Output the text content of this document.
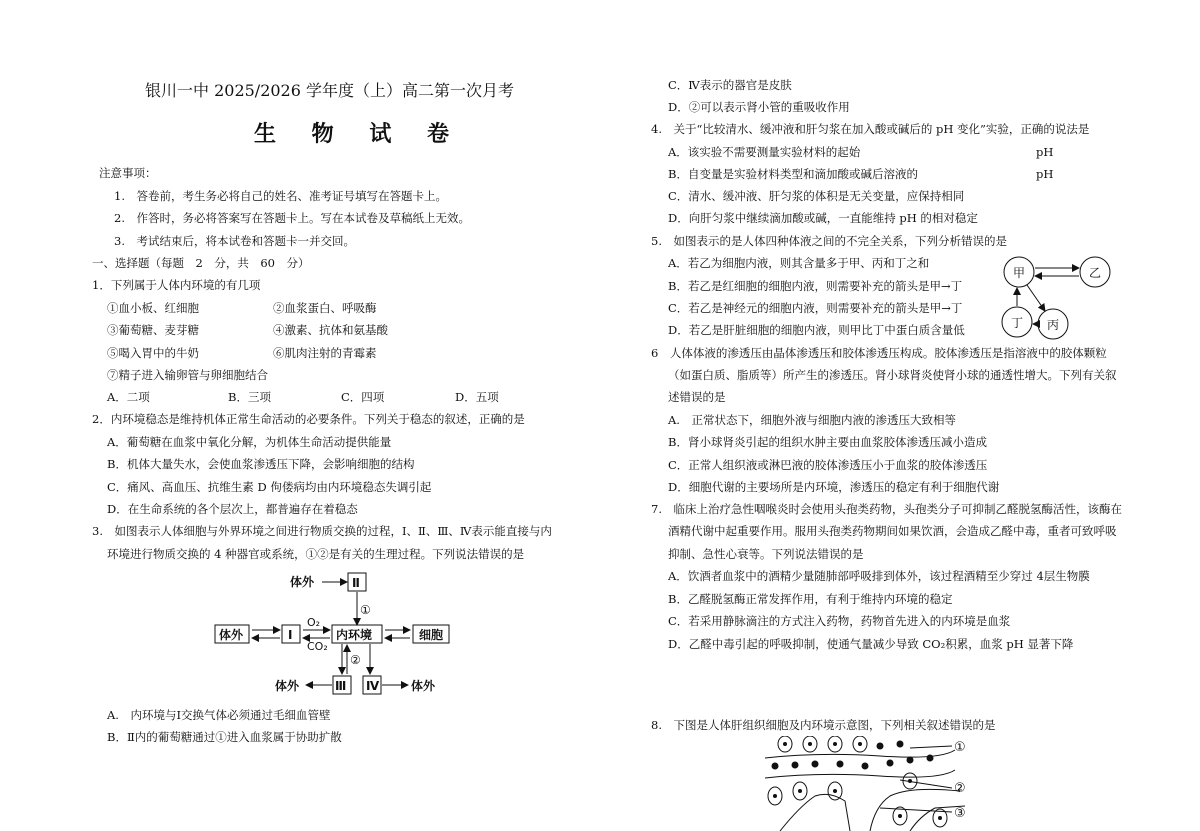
银川一中 2025/2026 学年度（上）高二第一次月考
生 物 试 卷
注意事项：
1.　答卷前，考生务必将自己的姓名、准考证号填写在答题卡上。
2.　作答时，务必将答案写在答题卡上。写在本试卷及草稿纸上无效。
3.　考试结束后，将本试卷和答题卡一并交回。
一、选择题（每题　2　分，共　60　分）
1．下列属于人体内环境的有几项
①血小板、红细胞	②血浆蛋白、呼吸酶
③葡萄糖、麦芽糖	④激素、抗体和氨基酸
⑤喝入胃中的牛奶	⑥肌肉注射的青霉素
⑦精子进入输卵管与卵细胞结合
A．二项	B．三项	C．四项	D．五项
2．内环境稳态是维持机体正常生命活动的必要条件。下列关于稳态的叙述，正确的是
A．葡萄糖在血浆中氧化分解，为机体生命活动提供能量
B．机体大量失水，会使血浆渗透压下降，会影响细胞的结构
C．痛风、高血压、抗维生素 D 佝偻病均由内环境稳态失调引起
D．在生命系统的各个层次上，都普遍存在着稳态
3.　如图表示人体细胞与外界环境之间进行物质交换的过程，Ⅰ、Ⅱ、Ⅲ、Ⅳ表示能直接与内
环境进行物质交换的 4 种器官或系统，①②是有关的生理过程。下列说法错误的是
体外	Ⅱ
①
体外	Ⅰ
O₂
CO₂
内环境	细胞
②
Ⅲ Ⅳ
体外	体外
A.　内环境与Ⅰ交换气体必须通过毛细血管壁
B．Ⅱ内的葡萄糖通过①进入血浆属于协助扩散
C．Ⅳ表示的器官是皮肤
D．②可以表示肾小管的重吸收作用
4.　关于“比较清水、缓冲液和肝匀浆在加入酸或碱后的 pH 变化”实验，正确的说法是
A．该实验不需要测量实验材料的起始	pH
B．自变量是实验材料类型和滴加酸或碱后溶液的	pH
C．清水、缓冲液、肝匀浆的体积是无关变量，应保持相同
D．向肝匀浆中继续滴加酸或碱，一直能维持 pH 的相对稳定
5.　如图表示的是人体四种体液之间的不完全关系，下列分析错误的是
A．若乙为细胞内液，则其含量多于甲、丙和丁之和
B．若乙是红细胞的细胞内液，则需要补充的箭头是甲→丁
C．若乙是神经元的细胞内液，则需要补充的箭头是甲→丁
D．若乙是肝脏细胞的细胞内液，则甲比丁中蛋白质含量低
甲	乙
丁 丙
6　人体体液的渗透压由晶体渗透压和胶体渗透压构成。胶体渗透压是指溶液中的胶体颗粒
（如蛋白质、脂质等）所产生的渗透压。肾小球肾炎使肾小球的通透性增大。下列有关叙
述错误的是
A.　正常状态下，细胞外液与细胞内液的渗透压大致相等
B．肾小球肾炎引起的组织水肿主要由血浆胶体渗透压减小造成
C．正常人组织液或淋巴液的胶体渗透压小于血浆的胶体渗透压
D．细胞代谢的主要场所是内环境，渗透压的稳定有利于细胞代谢
7.　临床上治疗急性咽喉炎时会使用头孢类药物，头孢类分子可抑制乙醛脱氢酶活性，该酶在
酒精代谢中起重要作用。服用头孢类药物期间如果饮酒，会造成乙醛中毒，重者可致呼吸
抑制、急性心衰等。下列说法错误的是
A．饮酒者血浆中的酒精少量随肺部呼吸排到体外，该过程酒精至少穿过 4层生物膜
B．乙醛脱氢酶正常发挥作用，有利于维持内环境的稳定
C．若采用静脉滴注的方式注入药物，药物首先进入的内环境是血浆
D．乙醛中毒引起的呼吸抑制，使通气量减少导致 CO₂积累，血浆 pH 显著下降
8.　下图是人体肝组织细胞及内环境示意图，下列相关叙述错误的是
①
②
③
